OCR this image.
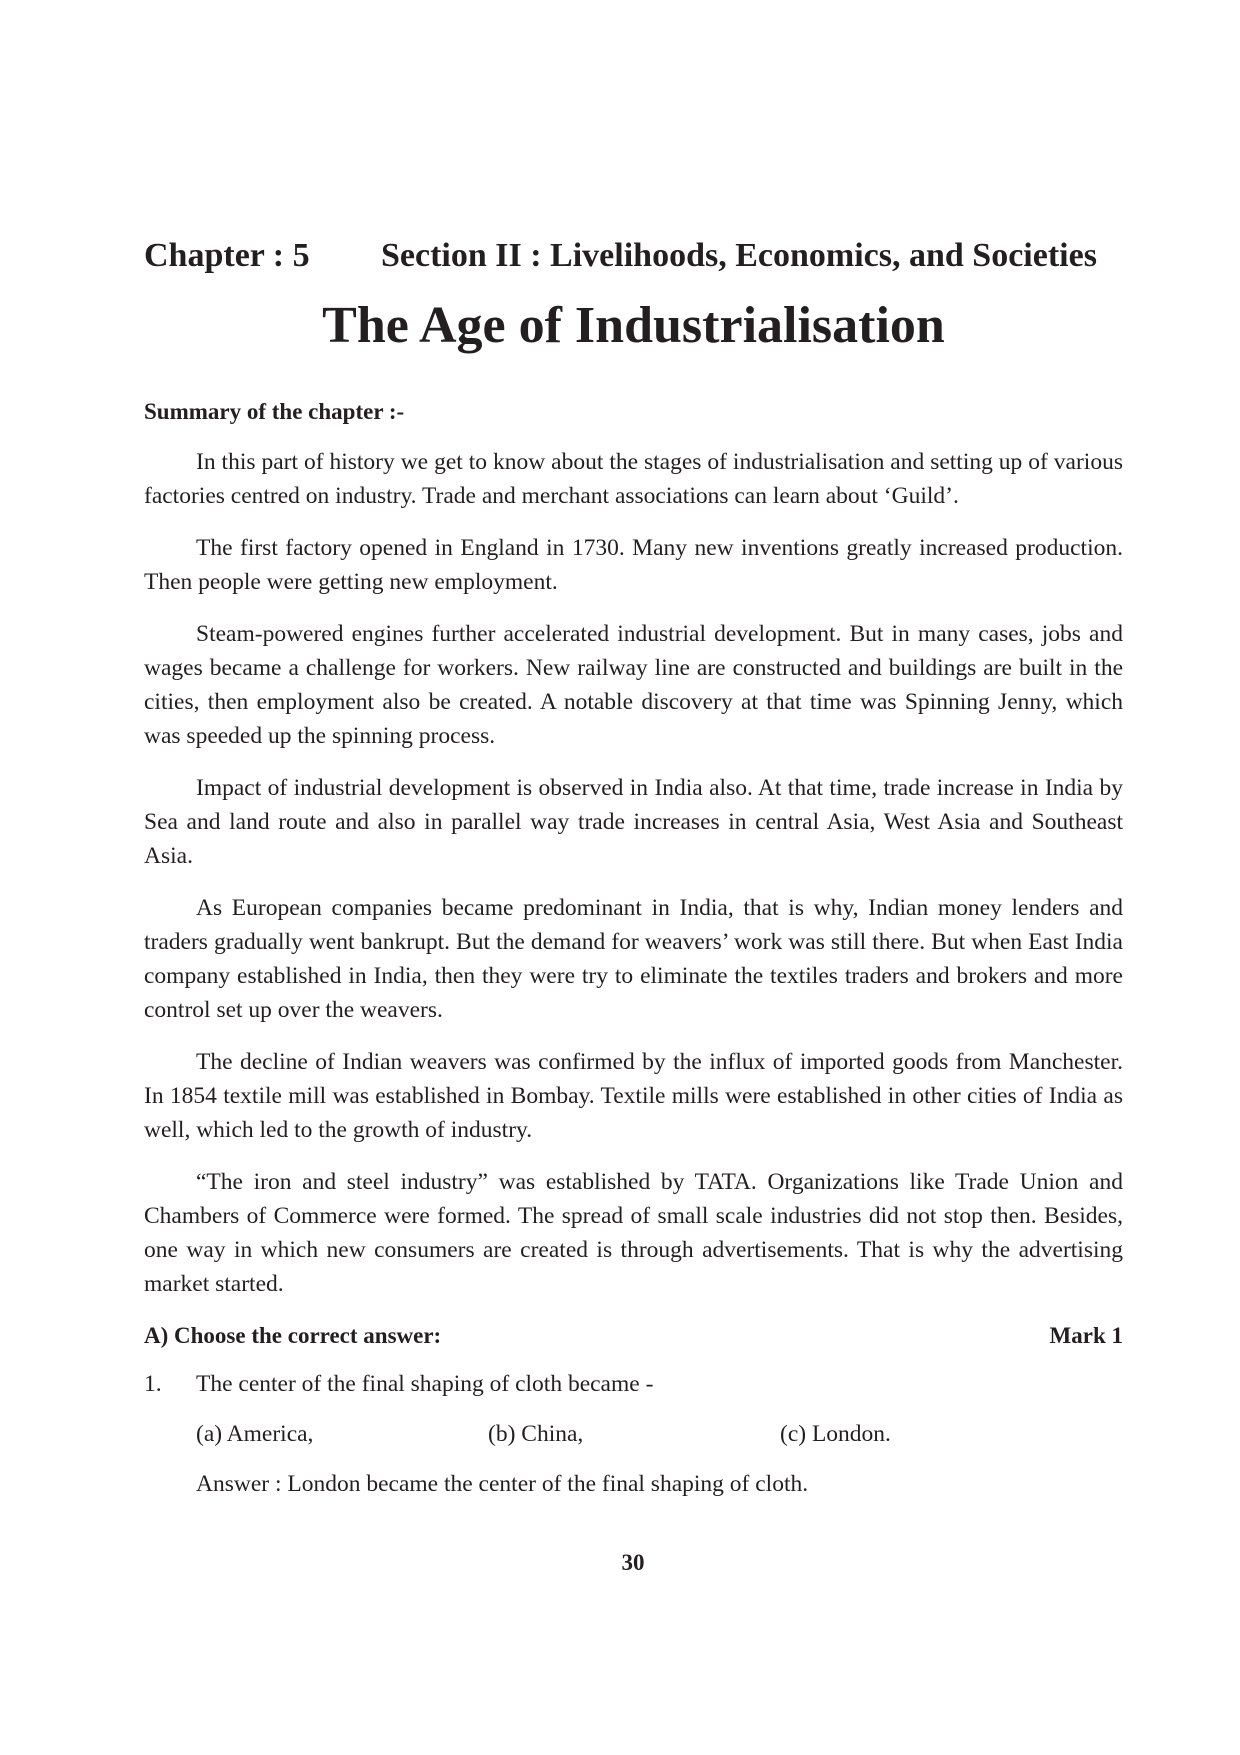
Chapter : 5	Section II : Livelihoods, Economics, and Societies
The Age of Industrialisation
Summary of the chapter :-

In this part of history we get to know about the stages of industrialisation and setting up of various factories centred on industry. Trade and merchant associations can learn about ‘Guild’.

The first factory opened in England in 1730. Many new inventions greatly increased production. Then people were getting new employment.

Steam-powered engines further accelerated industrial development. But in many cases, jobs and wages became a challenge for workers. New railway line are constructed and buildings are built in the cities, then employment also be created. A notable discovery at that time was Spinning Jenny, which was speeded up the spinning process.

Impact of industrial development is observed in India also. At that time, trade increase in India by Sea and land route and also in parallel way trade increases in central Asia, West Asia and Southeast Asia.

As European companies became predominant in India, that is why, Indian money lenders and traders gradually went bankrupt. But the demand for weavers’ work was still there. But when East India company established in India, then they were try to eliminate the textiles traders and brokers and more control set up over the weavers.

The decline of Indian weavers was confirmed by the influx of imported goods from Manchester. In 1854 textile mill was established in Bombay. Textile mills were established in other cities of India as well, which led to the growth of industry.

“The iron and steel industry” was established by TATA. Organizations like Trade Union and Chambers of Commerce were formed. The spread of small scale industries did not stop then. Besides, one way in which new consumers are created is through advertisements. That is why the advertising market started.

A) Choose the correct answer:	Mark 1
1.	The center of the final shaping of cloth became -
(a) America,	(b) China,	(c) London.
Answer : London became the center of the final shaping of cloth.
30
